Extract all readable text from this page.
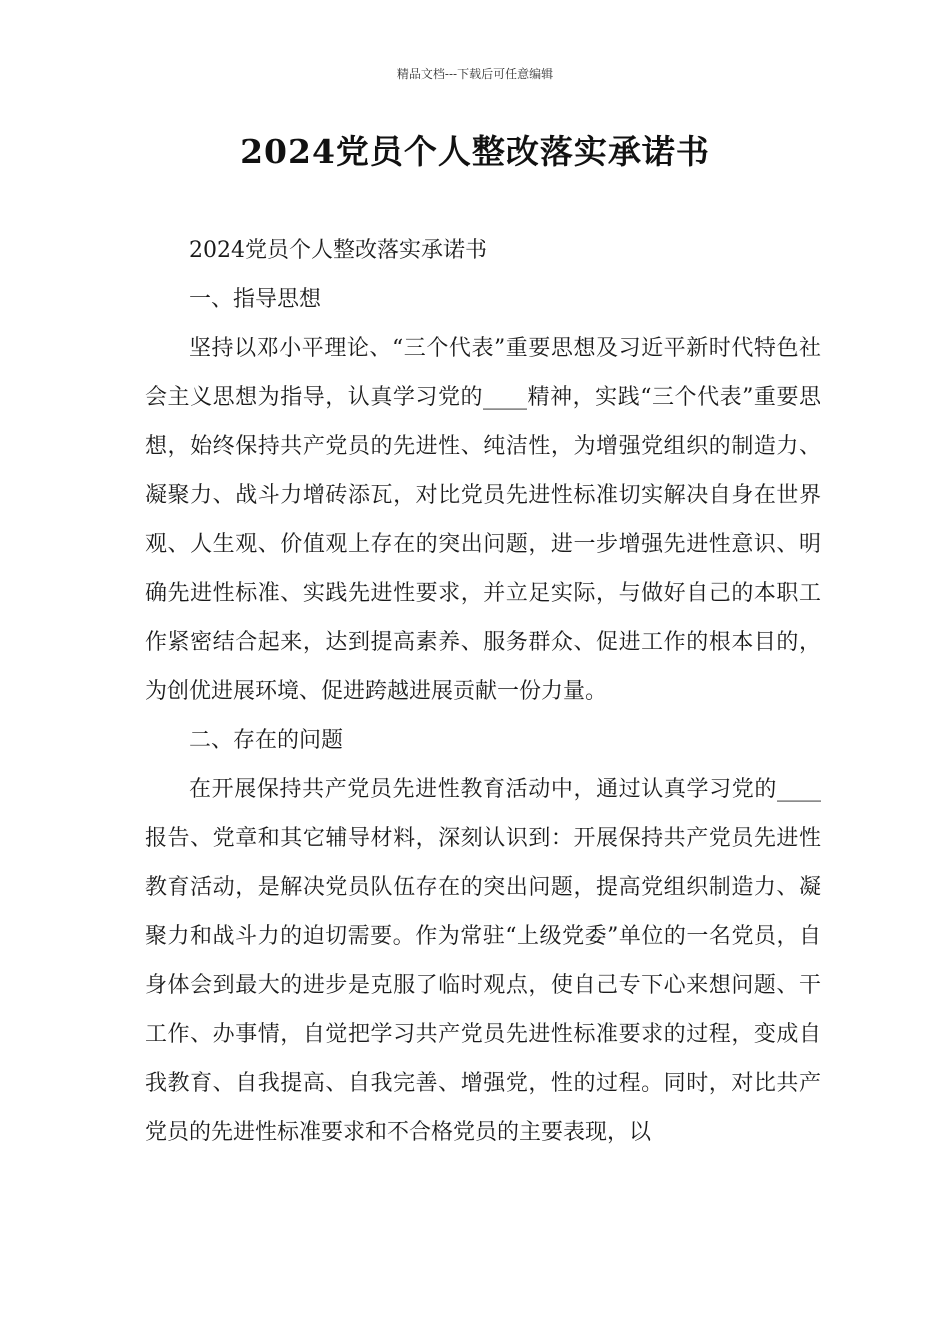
精品文档---下载后可任意编辑
2024党员个人整改落实承诺书

2024党员个人整改落实承诺书

一、指导思想

坚持以邓小平理论、“三个代表”重要思想及习近平新时代特色社会主义思想为指导，认真学习党的____精神，实践“三个代表”重要思想，始终保持共产党员的先进性、纯洁性，为增强党组织的制造力、凝聚力、战斗力增砖添瓦，对比党员先进性标准切实解决自身在世界观、人生观、价值观上存在的突出问题，进一步增强先进性意识、明确先进性标准、实践先进性要求，并立足实际，与做好自己的本职工作紧密结合起来，达到提高素养、服务群众、促进工作的根本目的，为创优进展环境、促进跨越进展贡献一份力量。

二、存在的问题

在开展保持共产党员先进性教育活动中，通过认真学习党的____报告、党章和其它辅导材料，深刻认识到：开展保持共产党员先进性教育活动，是解决党员队伍存在的突出问题，提高党组织制造力、凝聚力和战斗力的迫切需要。作为常驻“上级党委”单位的一名党员，自身体会到最大的进步是克服了临时观点，使自己专下心来想问题、干工作、办事情，自觉把学习共产党员先进性标准要求的过程，变成自我教育、自我提高、自我完善、增强党，性的过程。同时，对比共产党员的先进性标准要求和不合格党员的主要表现，以
